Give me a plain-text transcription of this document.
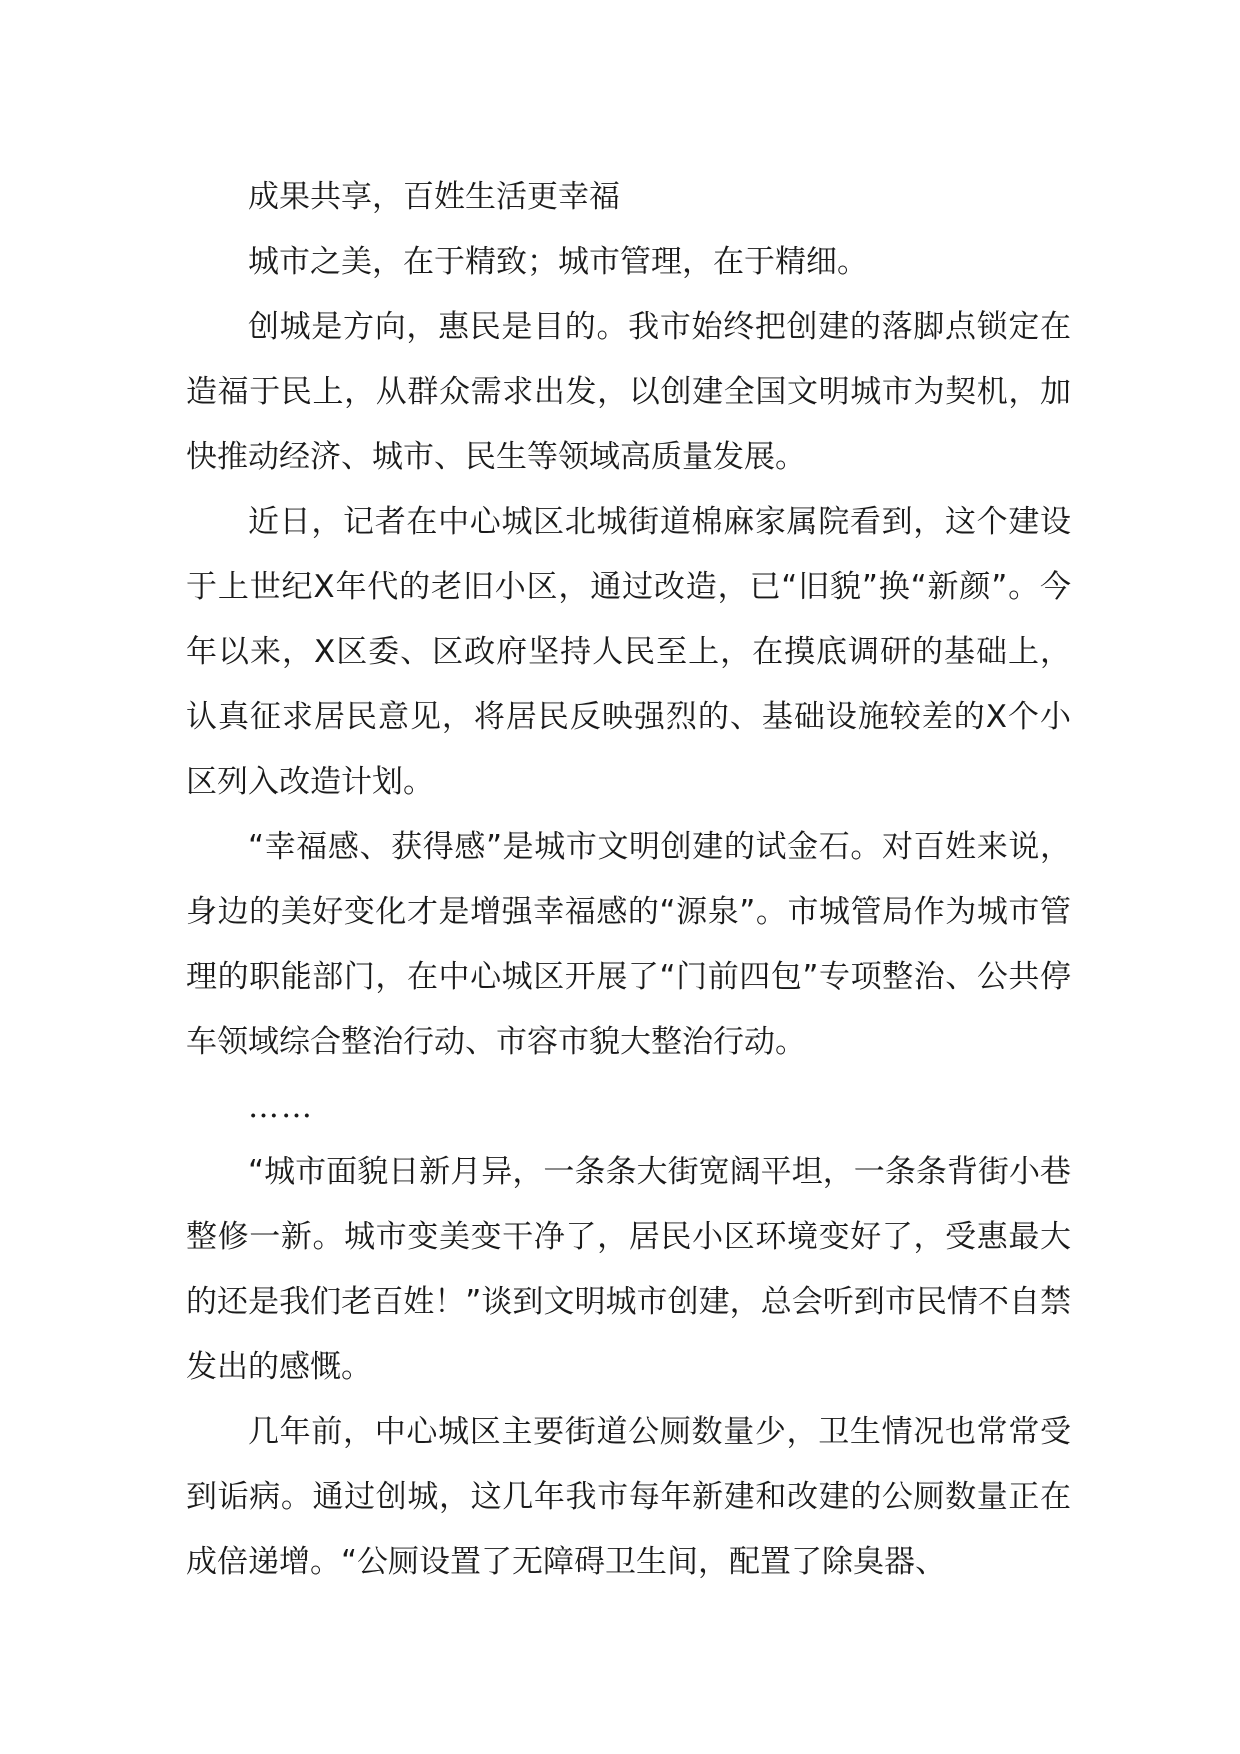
成果共享，百姓生活更幸福

城市之美，在于精致；城市管理，在于精细。

创城是方向，惠民是目的。我市始终把创建的落脚点锁定在造福于民上，从群众需求出发，以创建全国文明城市为契机，加快推动经济、城市、民生等领域高质量发展。

近日，记者在中心城区北城街道棉麻家属院看到，这个建设于上世纪X年代的老旧小区，通过改造，已“旧貌”换“新颜”。今年以来，X区委、区政府坚持人民至上，在摸底调研的基础上，认真征求居民意见，将居民反映强烈的、基础设施较差的X个小区列入改造计划。

“幸福感、获得感”是城市文明创建的试金石。对百姓来说，身边的美好变化才是增强幸福感的“源泉”。市城管局作为城市管理的职能部门，在中心城区开展了“门前四包”专项整治、公共停车领域综合整治行动、市容市貌大整治行动。

……

“城市面貌日新月异，一条条大街宽阔平坦，一条条背街小巷整修一新。城市变美变干净了，居民小区环境变好了，受惠最大的还是我们老百姓！”谈到文明城市创建，总会听到市民情不自禁发出的感慨。

几年前，中心城区主要街道公厕数量少，卫生情况也常常受到诟病。通过创城，这几年我市每年新建和改建的公厕数量正在成倍递增。“公厕设置了无障碍卫生间，配置了除臭器、
